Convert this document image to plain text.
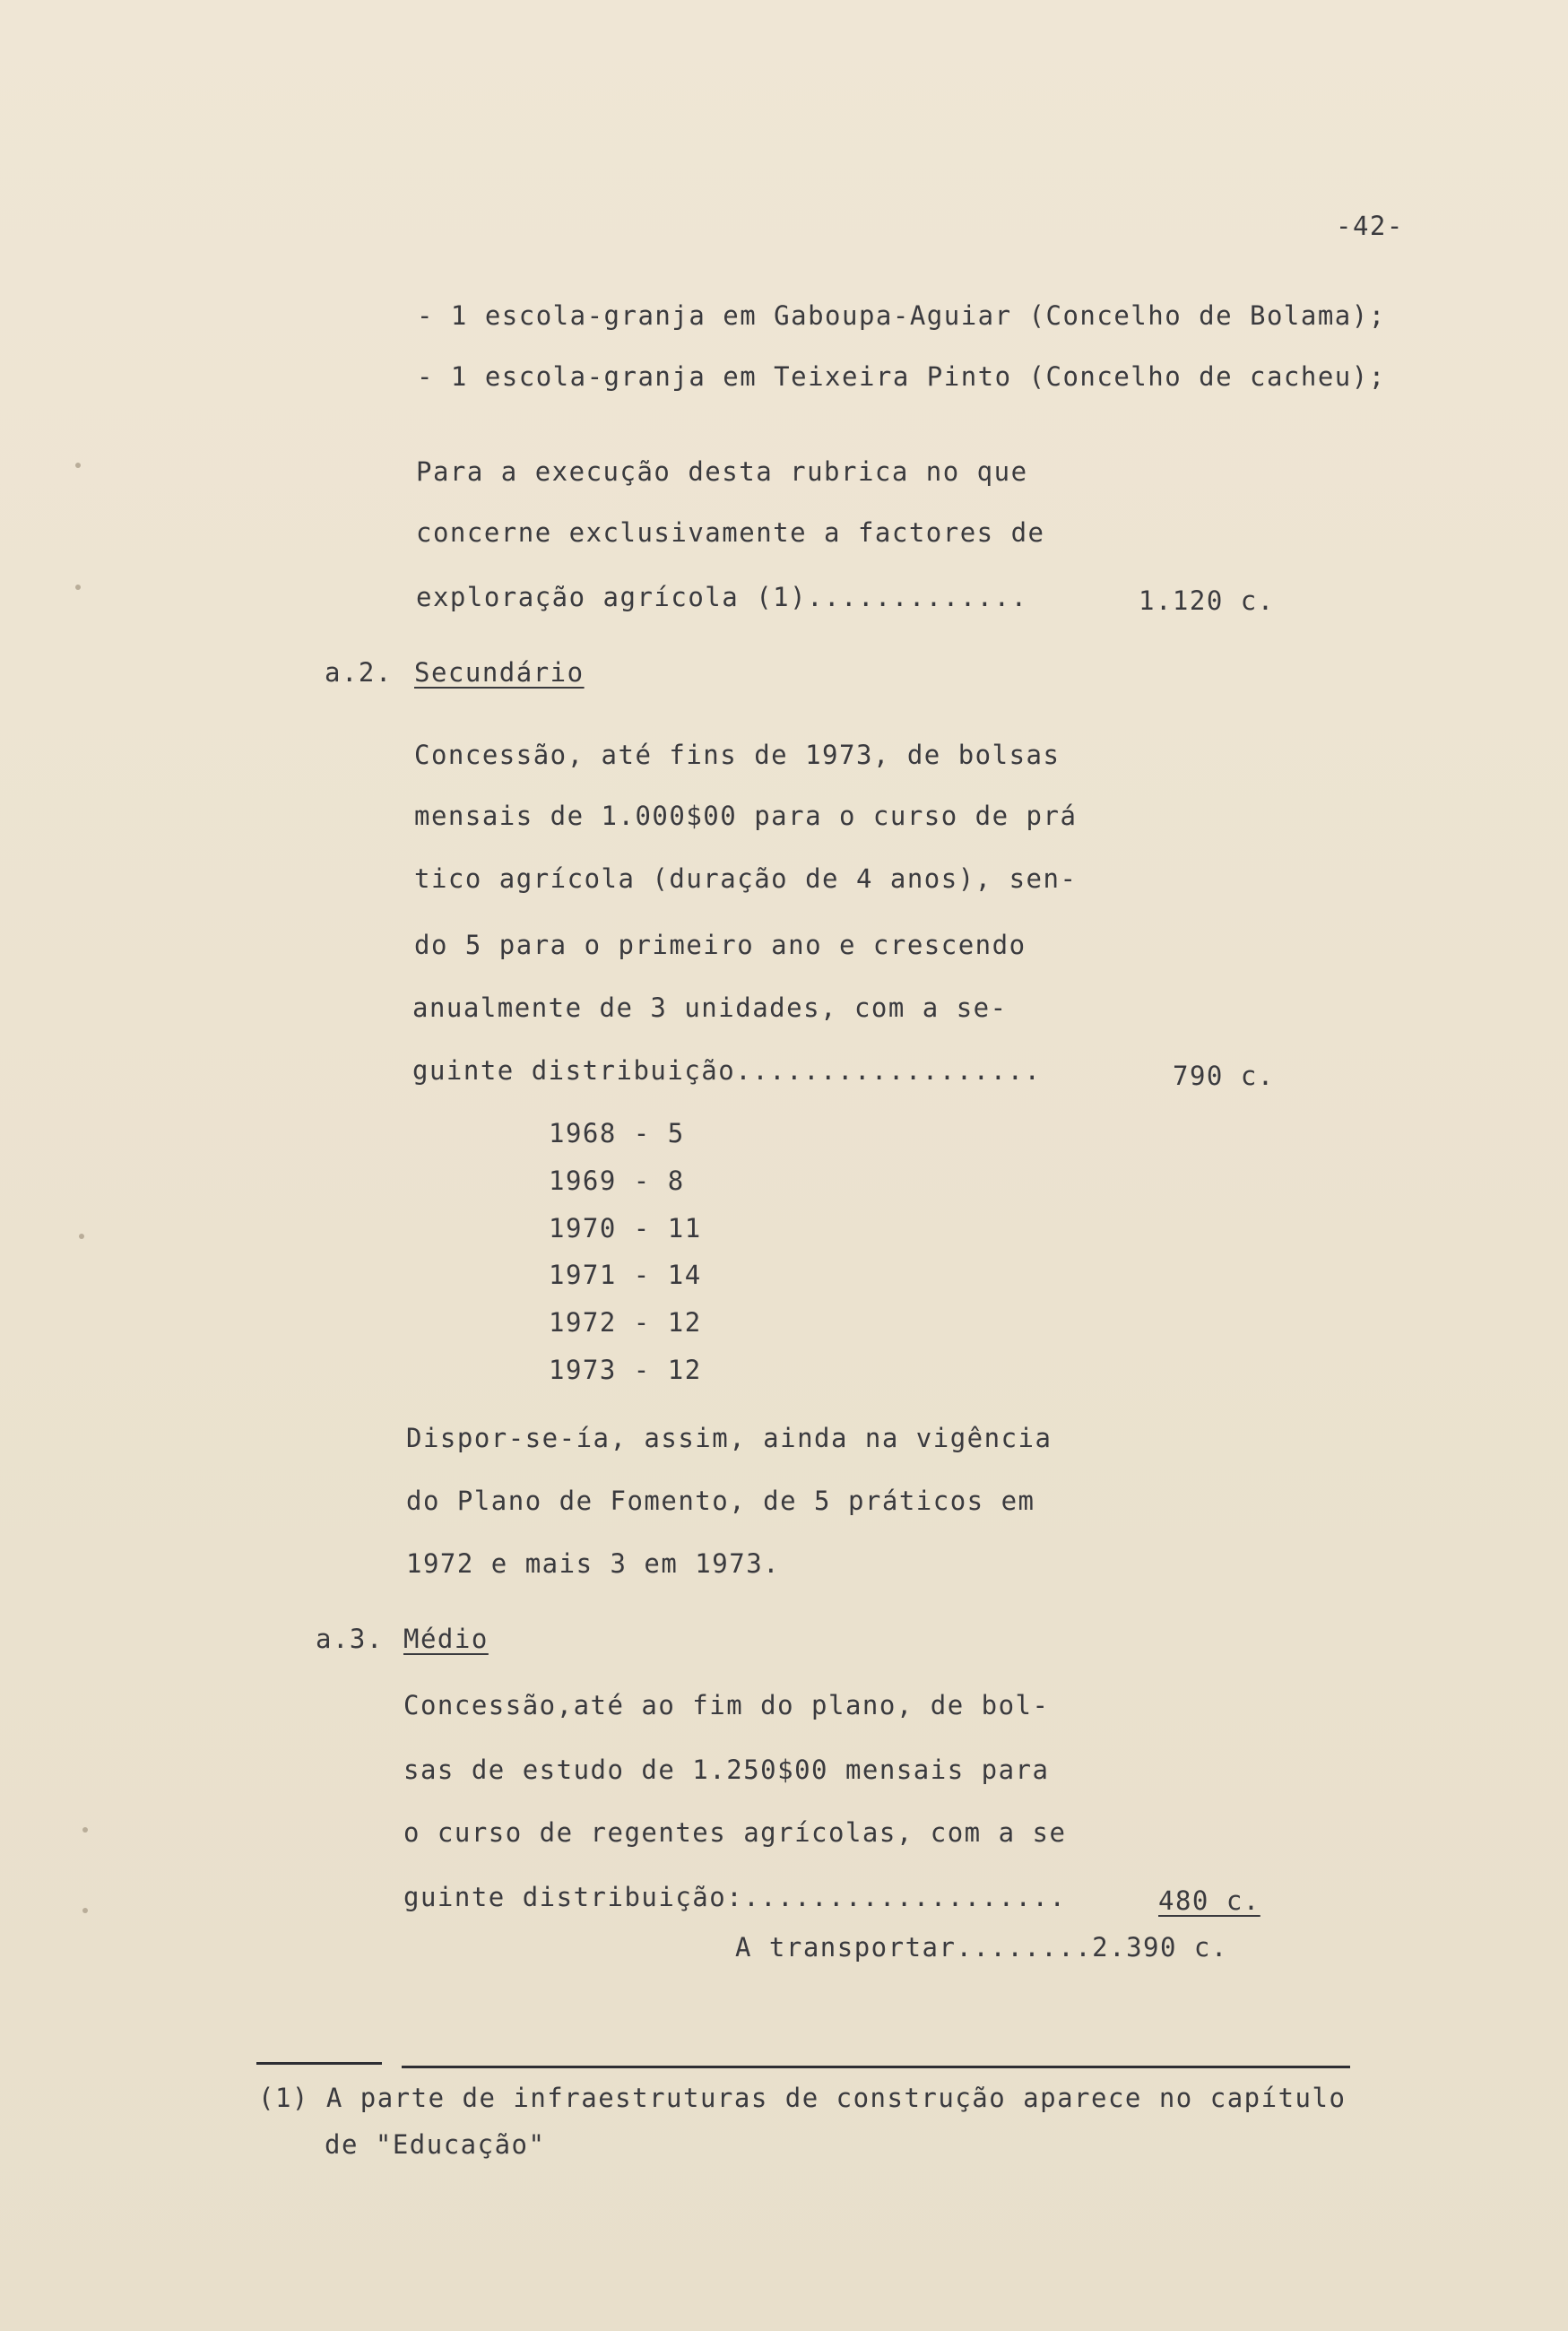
-42-
- 1 escola-granja em Gaboupa-Aguiar (Concelho de Bolama);
- 1 escola-granja em Teixeira Pinto (Concelho de cacheu);
Para a execução desta rubrica no que
concerne exclusivamente a factores de
exploração agrícola (1).............	1.120 c.
a.2. Secundário
Concessão, até fins de 1973, de bolsas
mensais de 1.000$00 para o curso de prá
tico agrícola (duração de 4 anos), sen-
do 5 para o primeiro ano e crescendo
anualmente de 3 unidades, com a se-
guinte distribuição..................	790 c.
1968 - 5
1969 - 8
1970 - 11
1971 - 14
1972 - 12
1973 - 12
Dispor-se-ía, assim, ainda na vigência
do Plano de Fomento, de 5 práticos em
1972 e mais 3 em 1973.
a.3. Médio
Concessão,até ao fim do plano, de bol-
sas de estudo de 1.250$00 mensais para
o curso de regentes agrícolas, com a se
guinte distribuição:...................	480 c.
A transportar........2.390 c.
(1) A parte de infraestruturas de construção aparece no capítulo
de "Educação"
